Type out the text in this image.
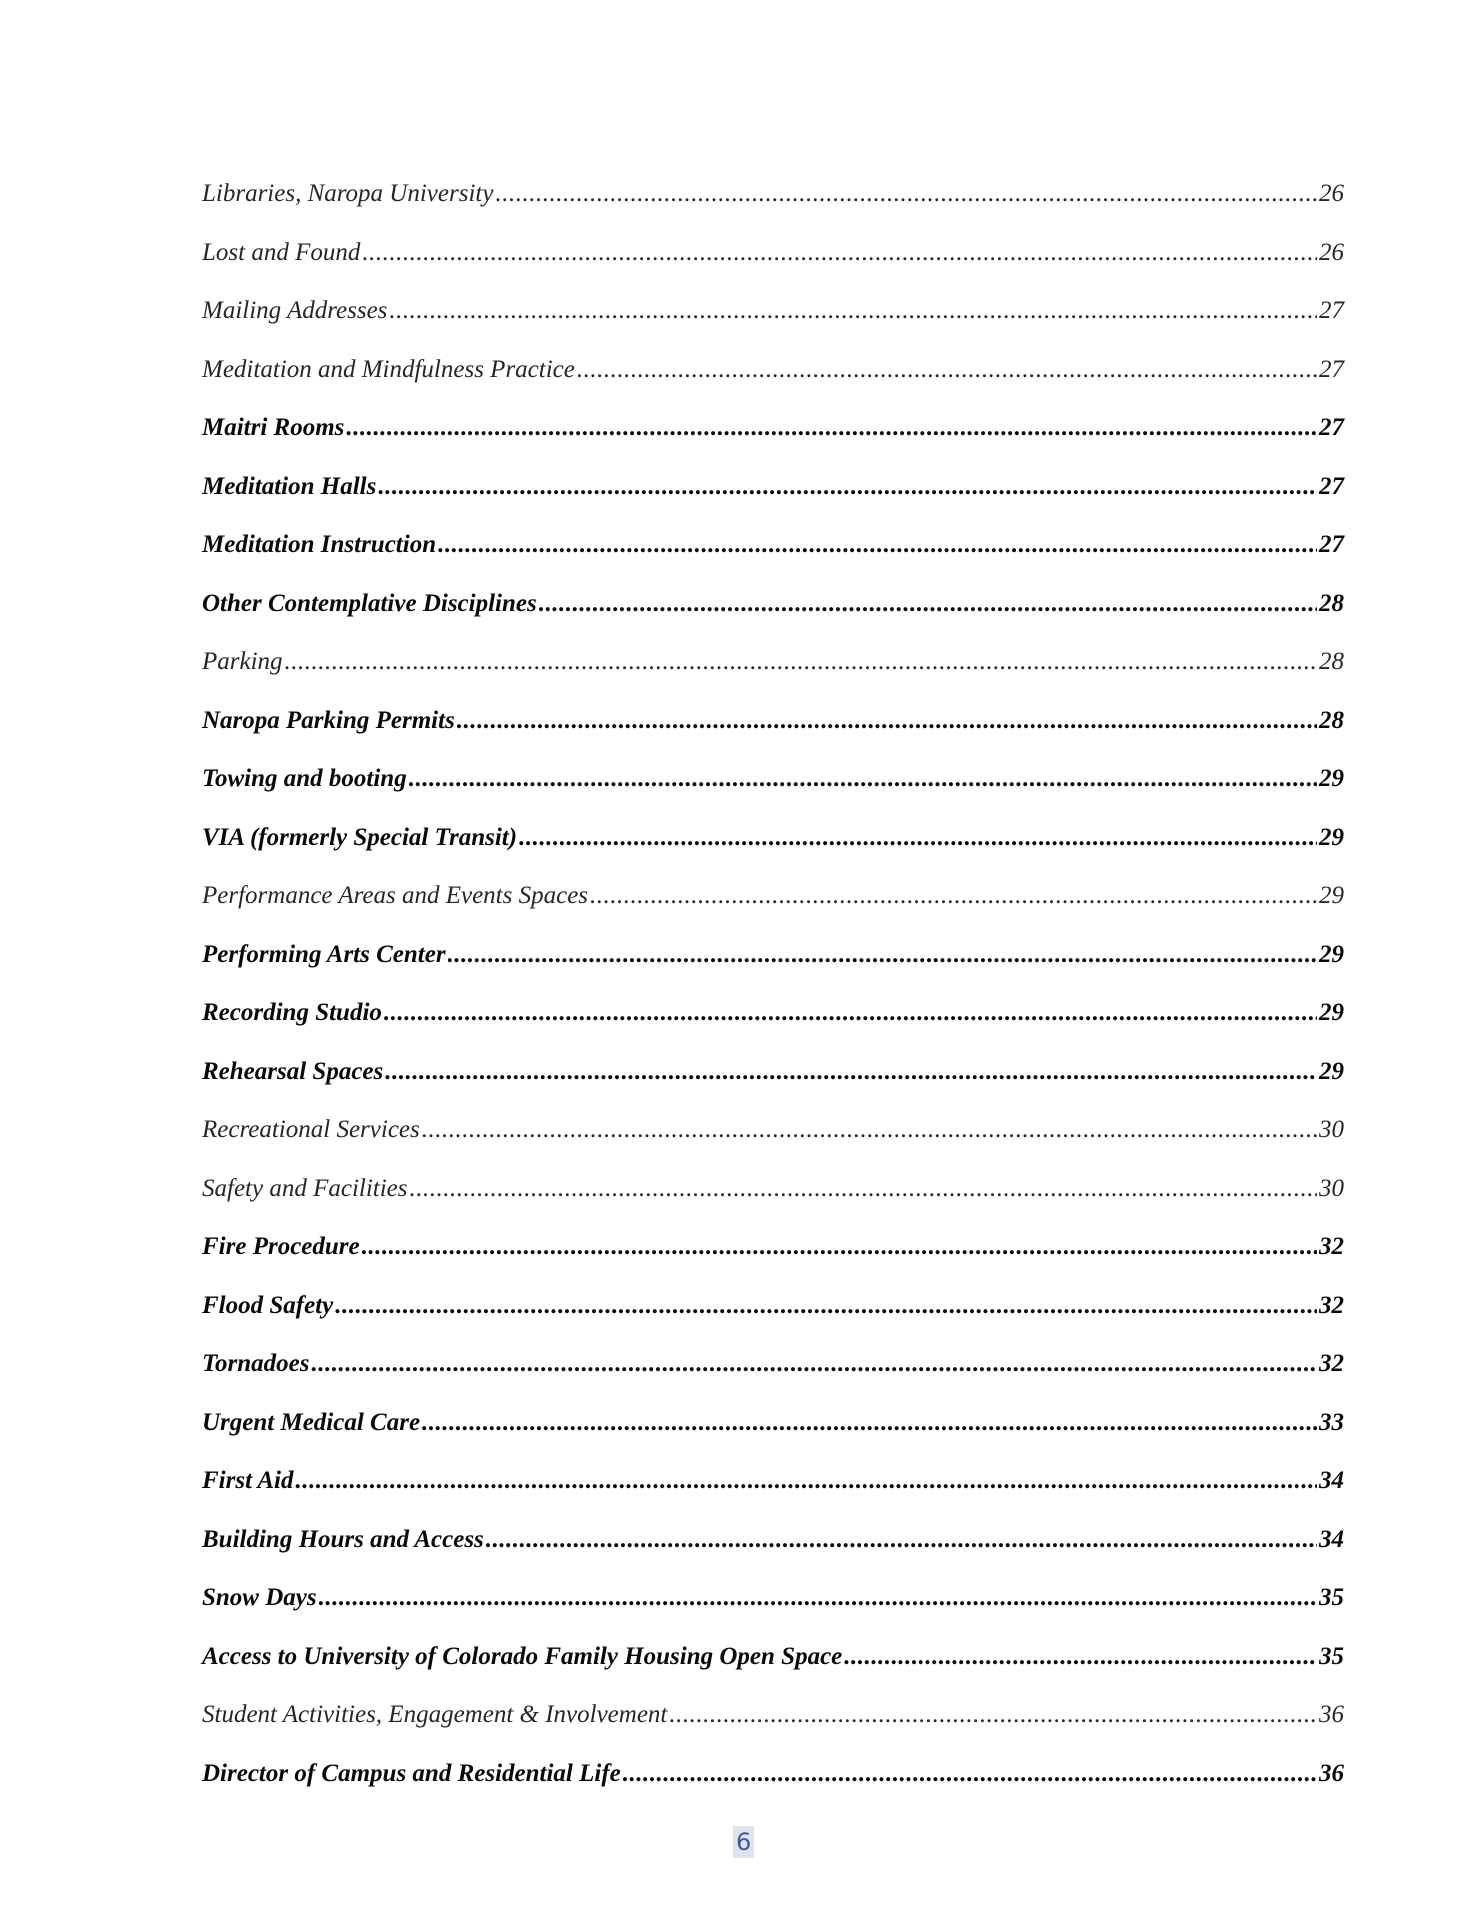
Libraries, Naropa University .....	26
Lost and Found .....	26
Mailing Addresses .....	27
Meditation and Mindfulness Practice .....	27
Maitri Rooms .....	27
Meditation Halls .....	27
Meditation Instruction .....	27
Other Contemplative Disciplines .....	28
Parking .....	28
Naropa Parking Permits .....	28
Towing and booting .....	29
VIA (formerly Special Transit) .....	29
Performance Areas and Events Spaces .....	29
Performing Arts Center .....	29
Recording Studio .....	29
Rehearsal Spaces .....	29
Recreational Services .....	30
Safety and Facilities .....	30
Fire Procedure .....	32
Flood Safety .....	32
Tornadoes .....	32
Urgent Medical Care .....	33
First Aid .....	34
Building Hours and Access .....	34
Snow Days .....	35
Access to University of Colorado Family Housing Open Space .....	35
Student Activities, Engagement & Involvement .....	36
Director of Campus and Residential Life .....	36
6
